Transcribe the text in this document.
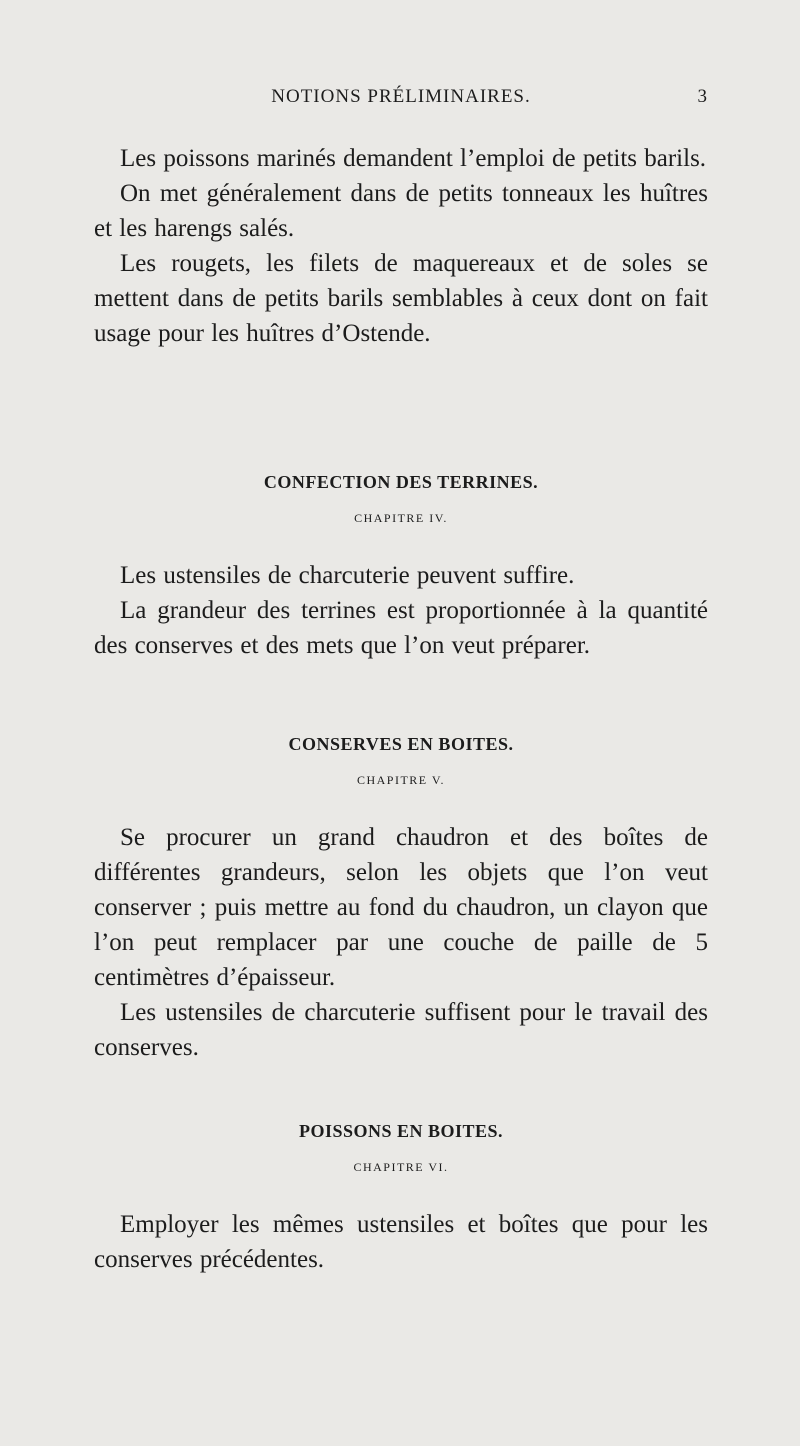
NOTIONS PRÉLIMINAIRES.	3

Les poissons marinés demandent l’emploi de petits barils.

On met généralement dans de petits tonneaux les huîtres et les harengs salés.

Les rougets, les filets de maquereaux et de soles se mettent dans de petits barils semblables à ceux dont on fait usage pour les huîtres d’Ostende.

CONFECTION DES TERRINES.
CHAPITRE IV.

Les ustensiles de charcuterie peuvent suffire.

La grandeur des terrines est proportionnée à la quantité des conserves et des mets que l’on veut préparer.

CONSERVES EN BOITES.
CHAPITRE V.

Se procurer un grand chaudron et des boîtes de différentes grandeurs, selon les objets que l’on veut conserver ; puis mettre au fond du chaudron, un clayon que l’on peut remplacer par une couche de paille de 5 centimètres d’épaisseur.

Les ustensiles de charcuterie suffisent pour le travail des conserves.

POISSONS EN BOITES.
CHAPITRE VI.

Employer les mêmes ustensiles et boîtes que pour les conserves précédentes.
